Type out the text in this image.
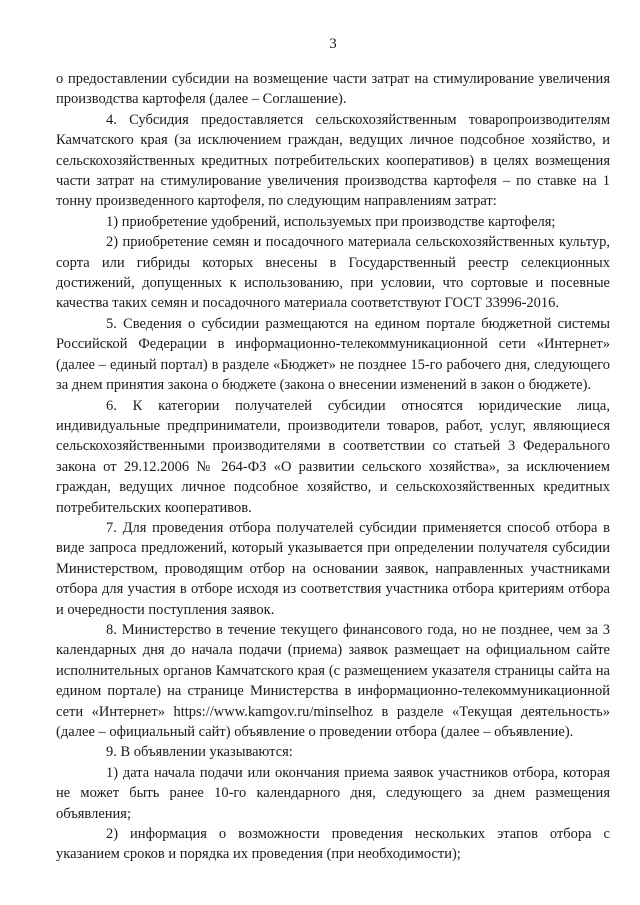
3

о предоставлении субсидии на возмещение части затрат на стимулирование увеличения производства картофеля (далее – Соглашение).

4. Субсидия предоставляется сельскохозяйственным товаропроизводителям Камчатского края (за исключением граждан, ведущих личное подсобное хозяйство, и сельскохозяйственных кредитных потребительских кооперативов) в целях возмещения части затрат на стимулирование увеличения производства картофеля – по ставке на 1 тонну произведенного картофеля, по следующим направлениям затрат:

1) приобретение удобрений, используемых при производстве картофеля;

2) приобретение семян и посадочного материала сельскохозяйственных культур, сорта или гибриды которых внесены в Государственный реестр селекционных достижений, допущенных к использованию, при условии, что сортовые и посевные качества таких семян и посадочного материала соответствуют ГОСТ 33996-2016.

5. Сведения о субсидии размещаются на едином портале бюджетной системы Российской Федерации в информационно-телекоммуникационной сети «Интернет» (далее – единый портал) в разделе «Бюджет» не позднее 15-го рабочего дня, следующего за днем принятия закона о бюджете (закона о внесении изменений в закон о бюджете).

6. К категории получателей субсидии относятся юридические лица, индивидуальные предприниматели, производители товаров, работ, услуг, являющиеся сельскохозяйственными производителями в соответствии со статьей 3 Федерального закона от 29.12.2006 № 264-ФЗ «О развитии сельского хозяйства», за исключением граждан, ведущих личное подсобное хозяйство, и сельскохозяйственных кредитных потребительских кооперативов.

7. Для проведения отбора получателей субсидии применяется способ отбора в виде запроса предложений, который указывается при определении получателя субсидии Министерством, проводящим отбор на основании заявок, направленных участниками отбора для участия в отборе исходя из соответствия участника отбора критериям отбора и очередности поступления заявок.

8. Министерство в течение текущего финансового года, но не позднее, чем за 3 календарных дня до начала подачи (приема) заявок размещает на официальном сайте исполнительных органов Камчатского края (с размещением указателя страницы сайта на едином портале) на странице Министерства в информационно-телекоммуникационной сети «Интернет» https://www.kamgov.ru/minselhoz в разделе «Текущая деятельность» (далее – официальный сайт) объявление о проведении отбора (далее – объявление).

9. В объявлении указываются:

1) дата начала подачи или окончания приема заявок участников отбора, которая не может быть ранее 10-го календарного дня, следующего за днем размещения объявления;

2) информация о возможности проведения нескольких этапов отбора с указанием сроков и порядка их проведения (при необходимости);
